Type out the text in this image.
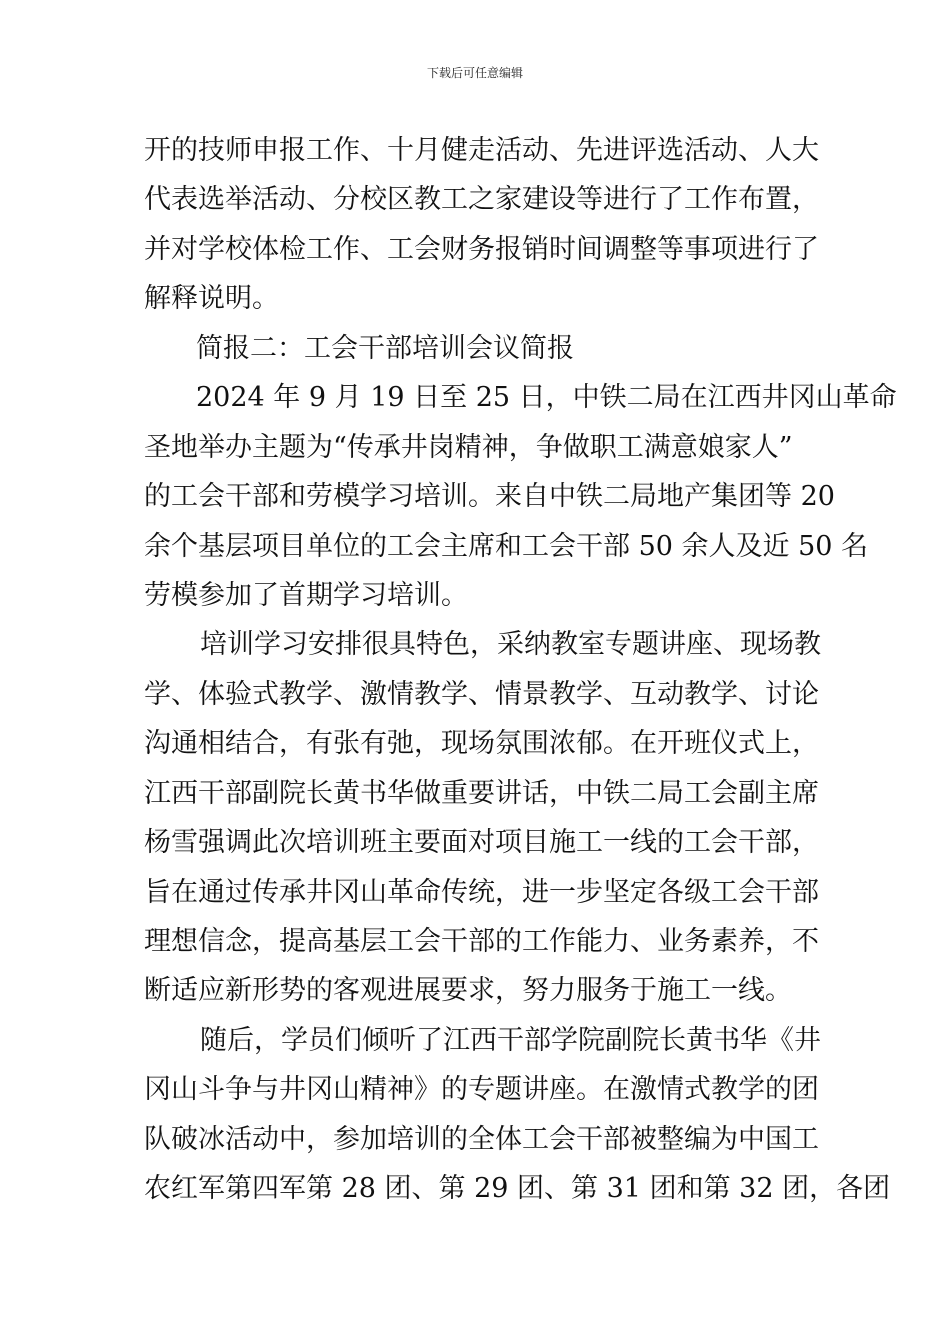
下载后可任意编辑
开的技师申报工作、十月健走活动、先进评选活动、人大
代表选举活动、分校区教工之家建设等进行了工作布置，
并对学校体检工作、工会财务报销时间调整等事项进行了
解释说明。
简报二：工会干部培训会议简报
2024 年 9 月 19 日至 25 日，中铁二局在江西井冈山革命
圣地举办主题为“传承井岗精神，争做职工满意娘家人”
的工会干部和劳模学习培训。来自中铁二局地产集团等 20
余个基层项目单位的工会主席和工会干部 50 余人及近 50 名
劳模参加了首期学习培训。
培训学习安排很具特色，采纳教室专题讲座、现场教
学、体验式教学、激情教学、情景教学、互动教学、讨论
沟通相结合，有张有弛，现场氛围浓郁。在开班仪式上，
江西干部副院长黄书华做重要讲话，中铁二局工会副主席
杨雪强调此次培训班主要面对项目施工一线的工会干部，
旨在通过传承井冈山革命传统，进一步坚定各级工会干部
理想信念，提高基层工会干部的工作能力、业务素养，不
断适应新形势的客观进展要求，努力服务于施工一线。
随后，学员们倾听了江西干部学院副院长黄书华《井
冈山斗争与井冈山精神》的专题讲座。在激情式教学的团
队破冰活动中，参加培训的全体工会干部被整编为中国工
农红军第四军第 28 团、第 29 团、第 31 团和第 32 团，各团
